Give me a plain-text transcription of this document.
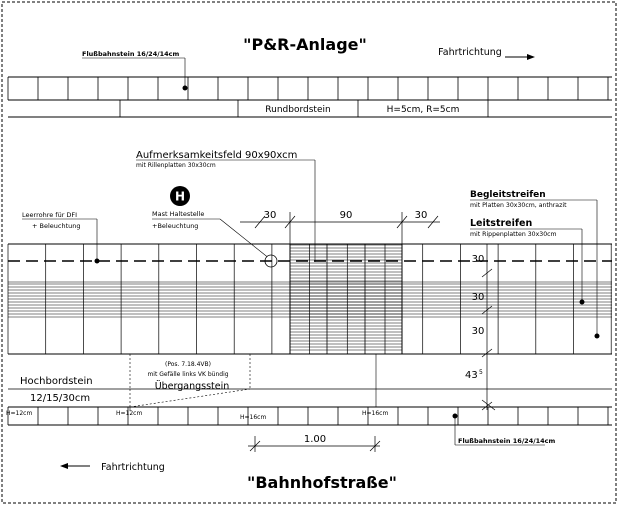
"P&R-Anlage"	Fahrtrichtung
Flußbahnstein 16/24/14cm
Rundbordstein	H=5cm, R=5cm
Aufmerksamkeitsfeld 90x90xcm
mit Rillenplatten 30x30cm
H
Leerrohre für DFI
+ Beleuchtung
Mast Haltestelle
+Beleuchtung
Begleitstreifen
mit Platten 30x30cm, anthrazit
Leitstreifen
mit Rippenplatten 30x30cm
30	90	30
30
30
30
43 5
Hochbordstein
12/15/30cm
(Pos. 7.18.4VB)
mit Gefälle links VK bündig
Übergangsstein
H=12cm	H=12cm
H=16cm
H=16cm
1.00	Flußbahnstein 16/24/14cm
Fahrtrichtung
"Bahnhofstraße"
